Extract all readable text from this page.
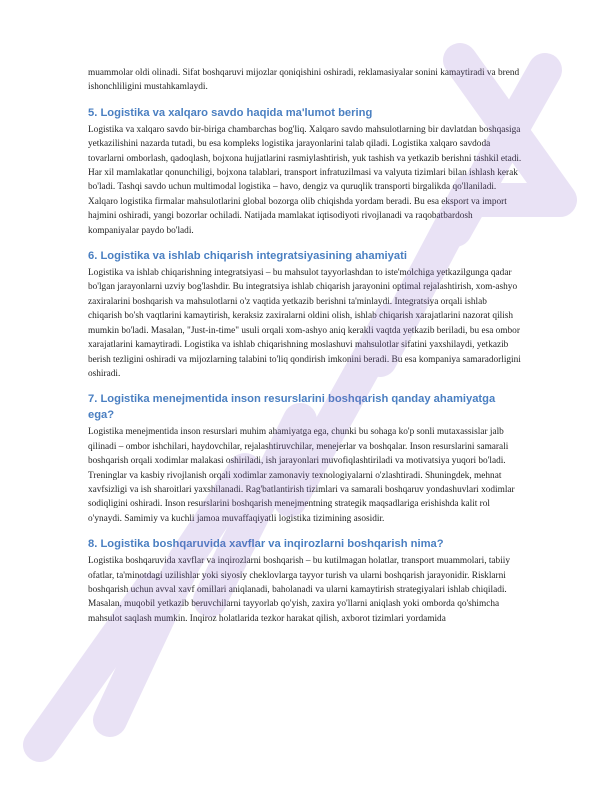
muammolar oldi olinadi. Sifat boshqaruvi mijozlar qoniqishini oshiradi, reklamasiyalar sonini kamaytiradi va brend ishonchliligini mustahkamlaydi.

5. Logistika va xalqaro savdo haqida ma'lumot bering

Logistika va xalqaro savdo bir-biriga chambarchas bog'liq. Xalqaro savdo mahsulotlarning bir davlatdan boshqasiga yetkazilishini nazarda tutadi, bu esa kompleks logistika jarayonlarini talab qiladi. Logistika xalqaro savdoda tovarlarni omborlash, qadoqlash, bojxona hujjatlarini rasmiylashtirish, yuk tashish va yetkazib berishni tashkil etadi. Har xil mamlakatlar qonunchiligi, bojxona talablari, transport infratuzilmasi va valyuta tizimlari bilan ishlash kerak bo'ladi. Tashqi savdo uchun multimodal logistika – havo, dengiz va quruqlik transporti birgalikda qo'llaniladi. Xalqaro logistika firmalar mahsulotlarini global bozorga olib chiqishda yordam beradi. Bu esa eksport va import hajmini oshiradi, yangi bozorlar ochiladi. Natijada mamlakat iqtisodiyoti rivojlanadi va raqobatbardosh kompaniyalar paydo bo'ladi.

6. Logistika va ishlab chiqarish integratsiyasining ahamiyati

Logistika va ishlab chiqarishning integratsiyasi – bu mahsulot tayyorlashdan to iste'molchiga yetkazilgunga qadar bo'lgan jarayonlarni uzviy bog'lashdir. Bu integratsiya ishlab chiqarish jarayonini optimal rejalashtirish, xom-ashyo zaxiralarini boshqarish va mahsulotlarni o'z vaqtida yetkazib berishni ta'minlaydi. Integratsiya orqali ishlab chiqarish bo'sh vaqtlarini kamaytirish, keraksiz zaxiralarni oldini olish, ishlab chiqarish xarajatlarini nazorat qilish mumkin bo'ladi. Masalan, "Just-in-time" usuli orqali xom-ashyo aniq kerakli vaqtda yetkazib beriladi, bu esa ombor xarajatlarini kamaytiradi. Logistika va ishlab chiqarishning moslashuvi mahsulotlar sifatini yaxshilaydi, yetkazib berish tezligini oshiradi va mijozlarning talabini to'liq qondirish imkonini beradi. Bu esa kompaniya samaradorligini oshiradi.

7. Logistika menejmentida inson resurslarini boshqarish qanday ahamiyatga ega?

Logistika menejmentida inson resurslari muhim ahamiyatga ega, chunki bu sohaga ko'p sonli mutaxassislar jalb qilinadi – ombor ishchilari, haydovchilar, rejalashtiruvchilar, menejerlar va boshqalar. Inson resurslarini samarali boshqarish orqali xodimlar malakasi oshiriladi, ish jarayonlari muvofiqlashtiriladi va motivatsiya yuqori bo'ladi. Treninglar va kasbiy rivojlanish orqali xodimlar zamonaviy texnologiyalarni o'zlashtiradi. Shuningdek, mehnat xavfsizligi va ish sharoitlari yaxshilanadi. Rag'batlantirish tizimlari va samarali boshqaruv yondashuvlari xodimlar sodiqligini oshiradi. Inson resurslarini boshqarish menejmentning strategik maqsadlariga erishishda kalit rol o'ynaydi. Samimiy va kuchli jamoa muvaffaqiyatli logistika tizimining asosidir.

8. Logistika boshqaruvida xavflar va inqirozlarni boshqarish nima?

Logistika boshqaruvida xavflar va inqirozlarni boshqarish – bu kutilmagan holatlar, transport muammolari, tabiiy ofatlar, ta'minotdagi uzilishlar yoki siyosiy cheklovlarga tayyor turish va ularni boshqarish jarayonidir. Risklarni boshqarish uchun avval xavf omillari aniqlanadi, baholanadi va ularni kamaytirish strategiyalari ishlab chiqiladi. Masalan, muqobil yetkazib beruvchilarni tayyorlab qo'yish, zaxira yo'llarni aniqlash yoki omborda qo'shimcha mahsulot saqlash mumkin. Inqiroz holatlarida tezkor harakat qilish, axborot tizimlari yordamida
